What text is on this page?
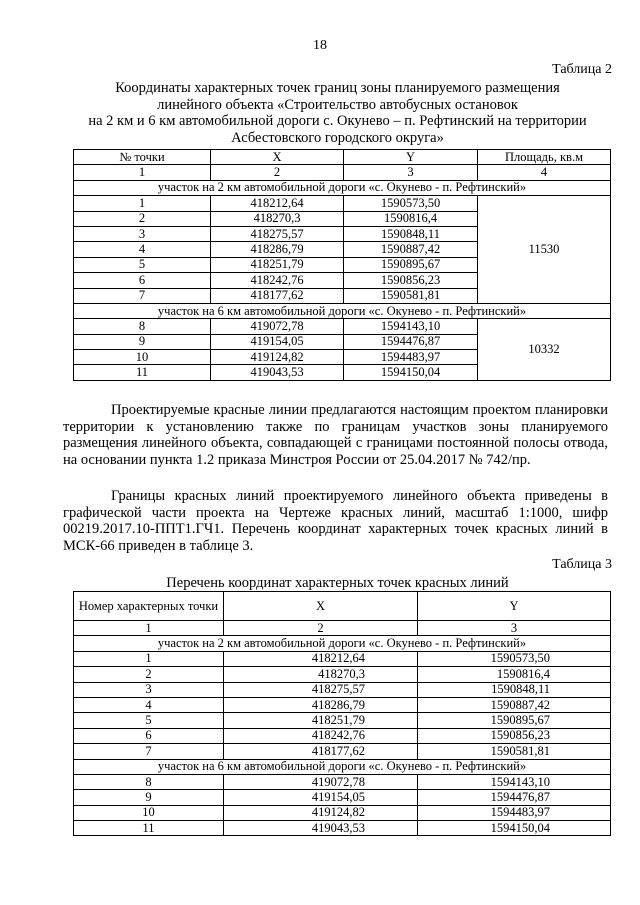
18
Таблица 2
Координаты характерных точек границ зоны планируемого размещения
линейного объекта «Строительство автобусных остановок
на 2 км и 6 км автомобильной дороги с. Окунево – п. Рефтинский на территории
Асбестовского городского округа»
№ точки	X	Y	Площадь, кв.м
1	2	3	4
участок на 2 км автомобильной дороги «с. Окунево - п. Рефтинский»			
1	418212,64	1590573,50	11530
2	418270,3	1590816,4	
3	418275,57	1590848,11	
4	418286,79	1590887,42	
5	418251,79	1590895,67	
6	418242,76	1590856,23	
7	418177,62	1590581,81	
участок на 6 км автомобильной дороги «с. Окунево - п. Рефтинский»			
8	419072,78	1594143,10	10332
9	419154,05	1594476,87	
10	419124,82	1594483,97	
11	419043,53	1594150,04	
Проектируемые красные линии предлагаются настоящим проектом планировки территории к установлению также по границам участков зоны планируемого размещения линейного объекта, совпадающей с границами постоянной полосы отвода, на основании пункта 1.2 приказа Минстроя России от 25.04.2017 № 742/пр.
Границы красных линий проектируемого линейного объекта приведены в графической части проекта на Чертеже красных линий, масштаб 1:1000, шифр 00219.2017.10-ППТ1.ГЧ1. Перечень координат характерных точек красных линий в МСК-66 приведен в таблице 3.
Таблица 3
Перечень координат характерных точек красных линий
Номер характерных точки	X	Y
1	2	3
участок на 2 км автомобильной дороги «с. Окунево - п. Рефтинский»		
1	418212,64	1590573,50
2	418270,3	1590816,4
3	418275,57	1590848,11
4	418286,79	1590887,42
5	418251,79	1590895,67
6	418242,76	1590856,23
7	418177,62	1590581,81
участок на 6 км автомобильной дороги «с. Окунево - п. Рефтинский»		
8	419072,78	1594143,10
9	419154,05	1594476,87
10	419124,82	1594483,97
11	419043,53	1594150,04
